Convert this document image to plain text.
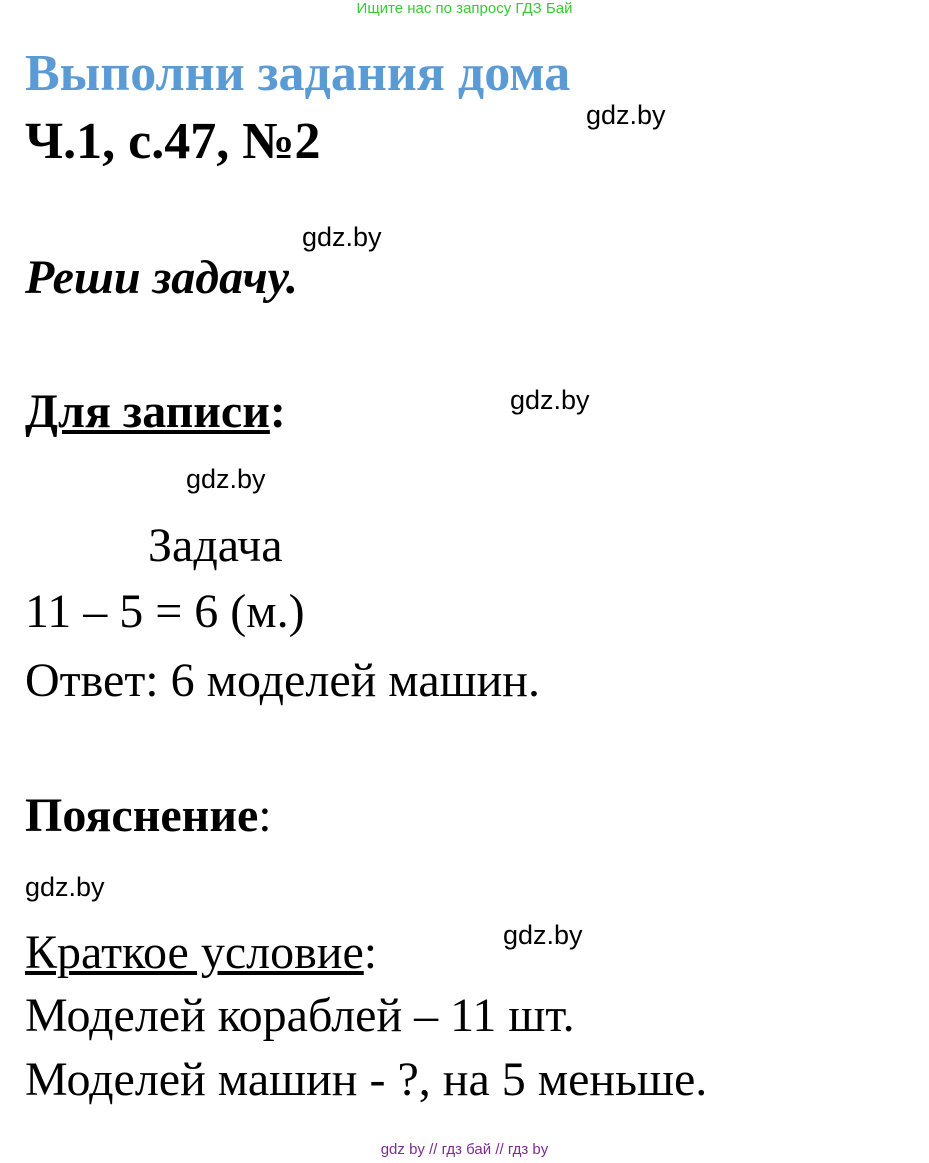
Ищите нас по запросу ГДЗ Бай
Выполни задания дома
Ч.1, с.47, №2	gdz.by
gdz.by
Реши задачу.
Для записи:	gdz.by
gdz.by
Задача
11 – 5 = 6 (м.)
Ответ: 6 моделей машин.
Пояснение:
gdz.by
Краткое условие:	gdz.by
Моделей кораблей – 11 шт.
Моделей машин - ?, на 5 меньше.
gdz by // гдз бай // гдз by
